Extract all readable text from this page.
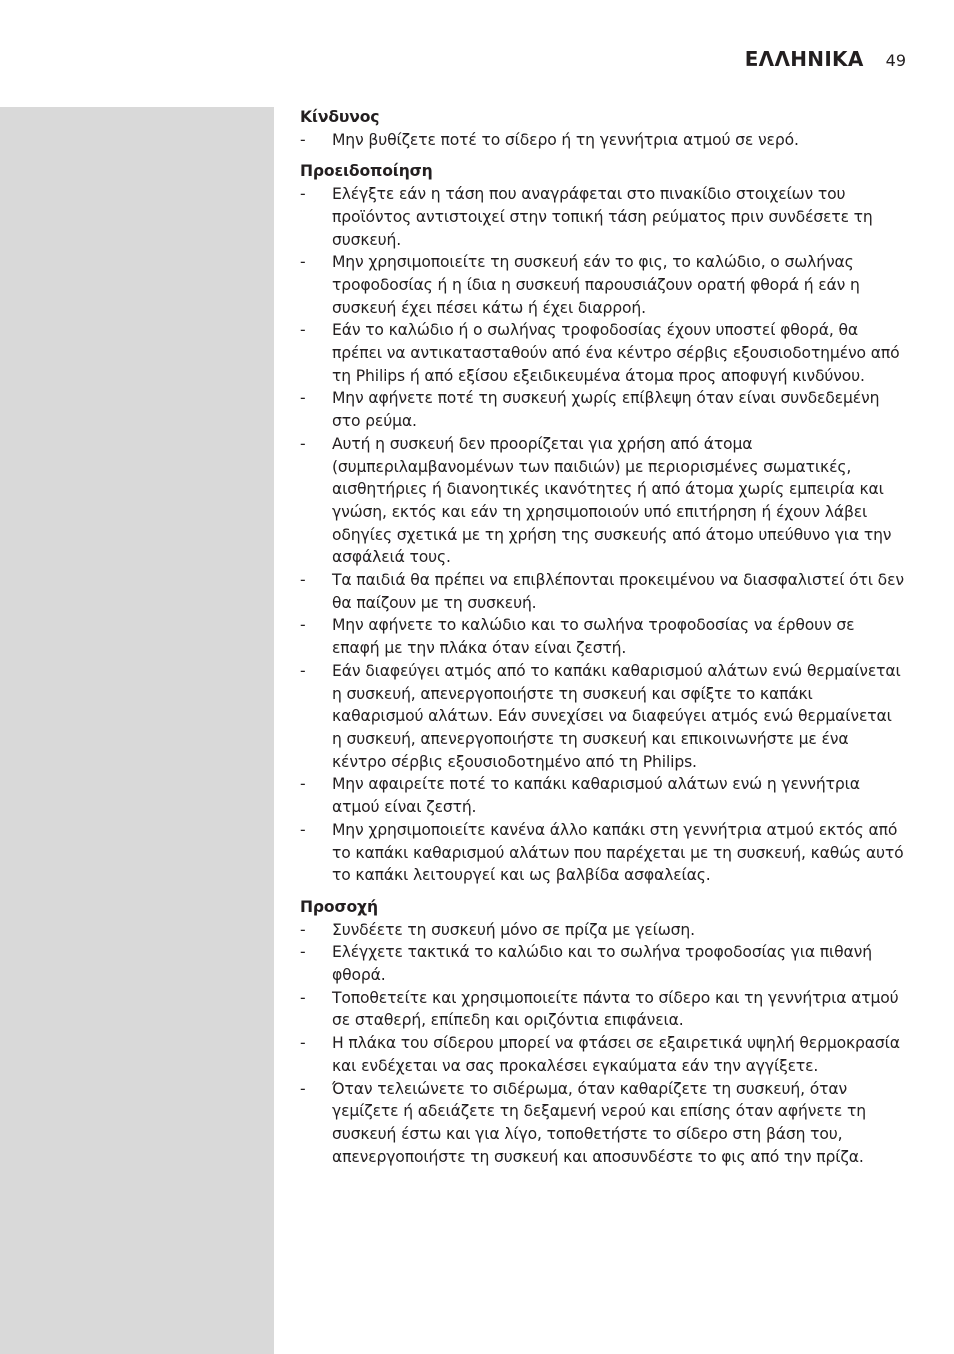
ΕΛΛΗΝΙΚΑ 49

Κίνδυνος

- Μην βυθίζετε ποτέ το σίδερο ή τη γεννήτρια ατμού σε νερό.

Προειδοποίηση

- Ελέγξτε εάν η τάση που αναγράφεται στο πινακίδιο στοιχείων του προϊόντος αντιστοιχεί στην τοπική τάση ρεύματος πριν συνδέσετε τη συσκευή.
- Μην χρησιμοποιείτε τη συσκευή εάν το φις, το καλώδιο, ο σωλήνας τροφοδοσίας ή η ίδια η συσκευή παρουσιάζουν ορατή φθορά ή εάν η συσκευή έχει πέσει κάτω ή έχει διαρροή.
- Εάν το καλώδιο ή ο σωλήνας τροφοδοσίας έχουν υποστεί φθορά, θα πρέπει να αντικατασταθούν από ένα κέντρο σέρβις εξουσιοδοτημένο από τη Philips ή από εξίσου εξειδικευμένα άτομα προς αποφυγή κινδύνου.
- Μην αφήνετε ποτέ τη συσκευή χωρίς επίβλεψη όταν είναι συνδεδεμένη στο ρεύμα.
- Αυτή η συσκευή δεν προορίζεται για χρήση από άτομα (συμπεριλαμβανομένων των παιδιών) με περιορισμένες σωματικές, αισθητήριες ή διανοητικές ικανότητες ή από άτομα χωρίς εμπειρία και γνώση, εκτός και εάν τη χρησιμοποιούν υπό επιτήρηση ή έχουν λάβει οδηγίες σχετικά με τη χρήση της συσκευής από άτομο υπεύθυνο για την ασφάλειά τους.
- Τα παιδιά θα πρέπει να επιβλέπονται προκειμένου να διασφαλιστεί ότι δεν θα παίζουν με τη συσκευή.
- Μην αφήνετε το καλώδιο και το σωλήνα τροφοδοσίας να έρθουν σε επαφή με την πλάκα όταν είναι ζεστή.
- Εάν διαφεύγει ατμός από το καπάκι καθαρισμού αλάτων ενώ θερμαίνεται η συσκευή, απενεργοποιήστε τη συσκευή και σφίξτε το καπάκι καθαρισμού αλάτων. Εάν συνεχίσει να διαφεύγει ατμός ενώ θερμαίνεται η συσκευή, απενεργοποιήστε τη συσκευή και επικοινωνήστε με ένα κέντρο σέρβις εξουσιοδοτημένο από τη Philips.
- Μην αφαιρείτε ποτέ το καπάκι καθαρισμού αλάτων ενώ η γεννήτρια ατμού είναι ζεστή.
- Μην χρησιμοποιείτε κανένα άλλο καπάκι στη γεννήτρια ατμού εκτός από το καπάκι καθαρισμού αλάτων που παρέχεται με τη συσκευή, καθώς αυτό το καπάκι λειτουργεί και ως βαλβίδα ασφαλείας.

Προσοχή

- Συνδέετε τη συσκευή μόνο σε πρίζα με γείωση.
- Ελέγχετε τακτικά το καλώδιο και το σωλήνα τροφοδοσίας για πιθανή φθορά.
- Τοποθετείτε και χρησιμοποιείτε πάντα το σίδερο και τη γεννήτρια ατμού σε σταθερή, επίπεδη και οριζόντια επιφάνεια.
- Η πλάκα του σίδερου μπορεί να φτάσει σε εξαιρετικά υψηλή θερμοκρασία και ενδέχεται να σας προκαλέσει εγκαύματα εάν την αγγίξετε.
- Όταν τελειώνετε το σιδέρωμα, όταν καθαρίζετε τη συσκευή, όταν γεμίζετε ή αδειάζετε τη δεξαμενή νερού και επίσης όταν αφήνετε τη συσκευή έστω και για λίγο, τοποθετήστε το σίδερο στη βάση του, απενεργοποιήστε τη συσκευή και αποσυνδέστε το φις από την πρίζα.
